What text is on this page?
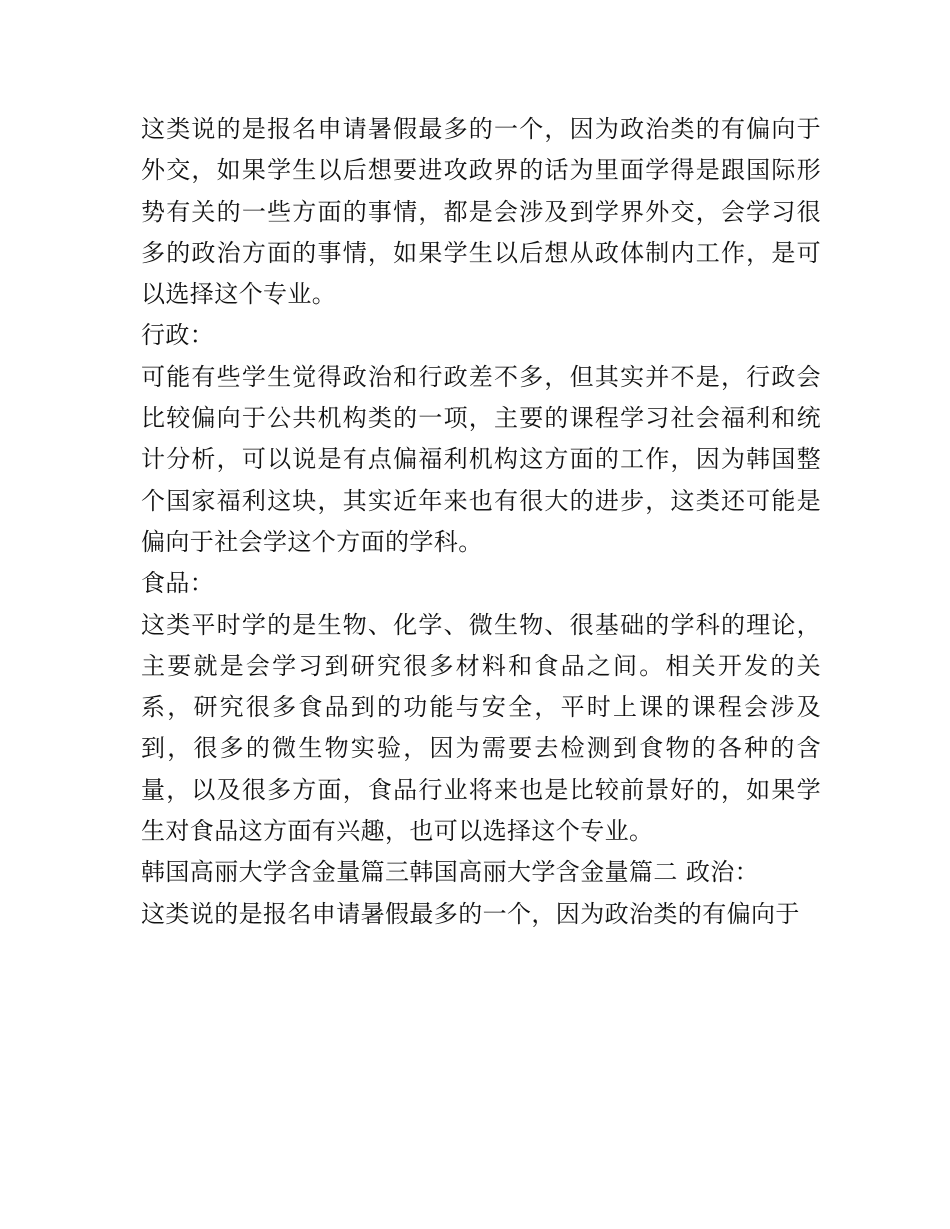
这类说的是报名申请暑假最多的一个，因为政治类的有偏向于外交，如果学生以后想要进攻政界的话为里面学得是跟国际形势有关的一些方面的事情，都是会涉及到学界外交，会学习很多的政治方面的事情，如果学生以后想从政体制内工作，是可以选择这个专业。

行政：

可能有些学生觉得政治和行政差不多，但其实并不是，行政会比较偏向于公共机构类的一项，主要的课程学习社会福利和统计分析，可以说是有点偏福利机构这方面的工作，因为韩国整个国家福利这块，其实近年来也有很大的进步，这类还可能是偏向于社会学这个方面的学科。

食品：

这类平时学的是生物、化学、微生物、很基础的学科的理论，主要就是会学习到研究很多材料和食品之间。相关开发的关系，研究很多食品到的功能与安全，平时上课的课程会涉及到，很多的微生物实验，因为需要去检测到食物的各种的含量，以及很多方面，食品行业将来也是比较前景好的，如果学生对食品这方面有兴趣，也可以选择这个专业。

韩国高丽大学含金量篇三韩国高丽大学含金量篇二 政治：

这类说的是报名申请暑假最多的一个，因为政治类的有偏向于
